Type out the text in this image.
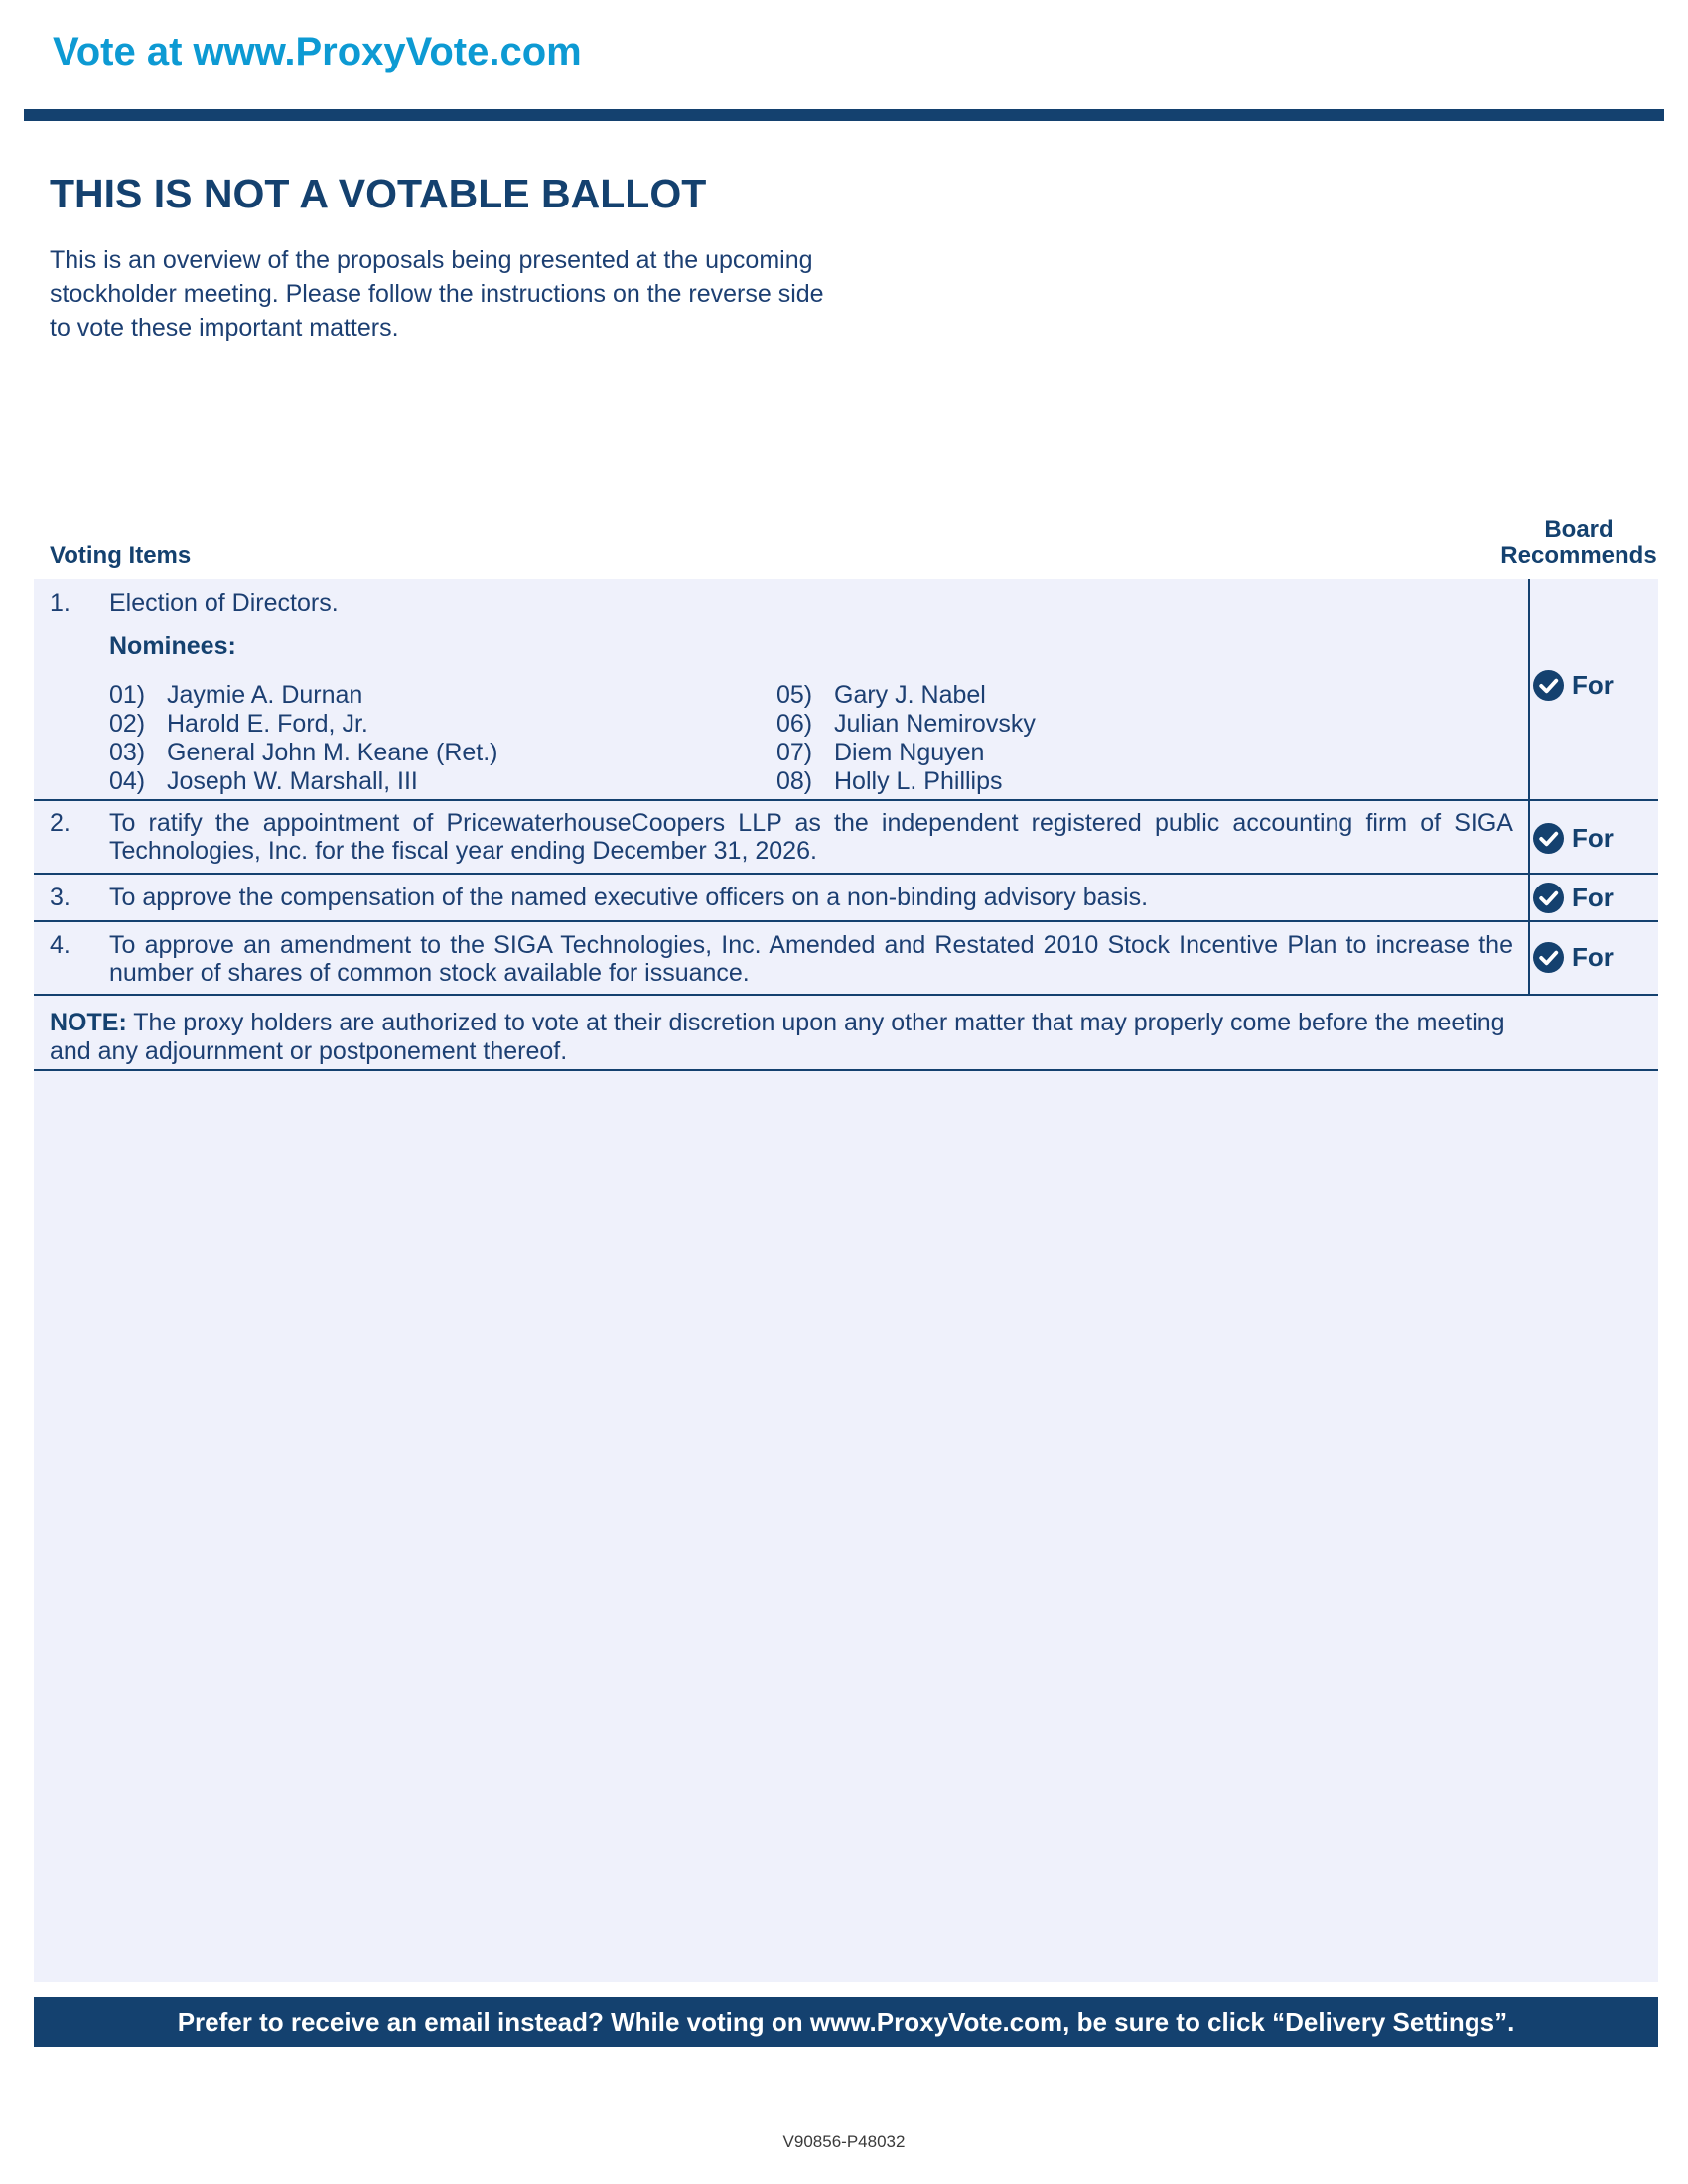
Vote at www.ProxyVote.com
THIS IS NOT A VOTABLE BALLOT
This is an overview of the proposals being presented at the upcoming stockholder meeting. Please follow the instructions on the reverse side to vote these important matters.
Voting Items
Board Recommends
1. Election of Directors.
Nominees:
01) Jaymie A. Durnan
02) Harold E. Ford, Jr.
03) General John M. Keane (Ret.)
04) Joseph W. Marshall, III
05) Gary J. Nabel
06) Julian Nemirovsky
07) Diem Nguyen
08) Holly L. Phillips
For
2. To ratify the appointment of PricewaterhouseCoopers LLP as the independent registered public accounting firm of SIGA Technologies, Inc. for the fiscal year ending December 31, 2026.	For
3. To approve the compensation of the named executive officers on a non-binding advisory basis.	For
4. To approve an amendment to the SIGA Technologies, Inc. Amended and Restated 2010 Stock Incentive Plan to increase the number of shares of common stock available for issuance.
For
NOTE: The proxy holders are authorized to vote at their discretion upon any other matter that may properly come before the meeting and any adjournment or postponement thereof.
Prefer to receive an email instead? While voting on www.ProxyVote.com, be sure to click “Delivery Settings”.
V90856-P48032
